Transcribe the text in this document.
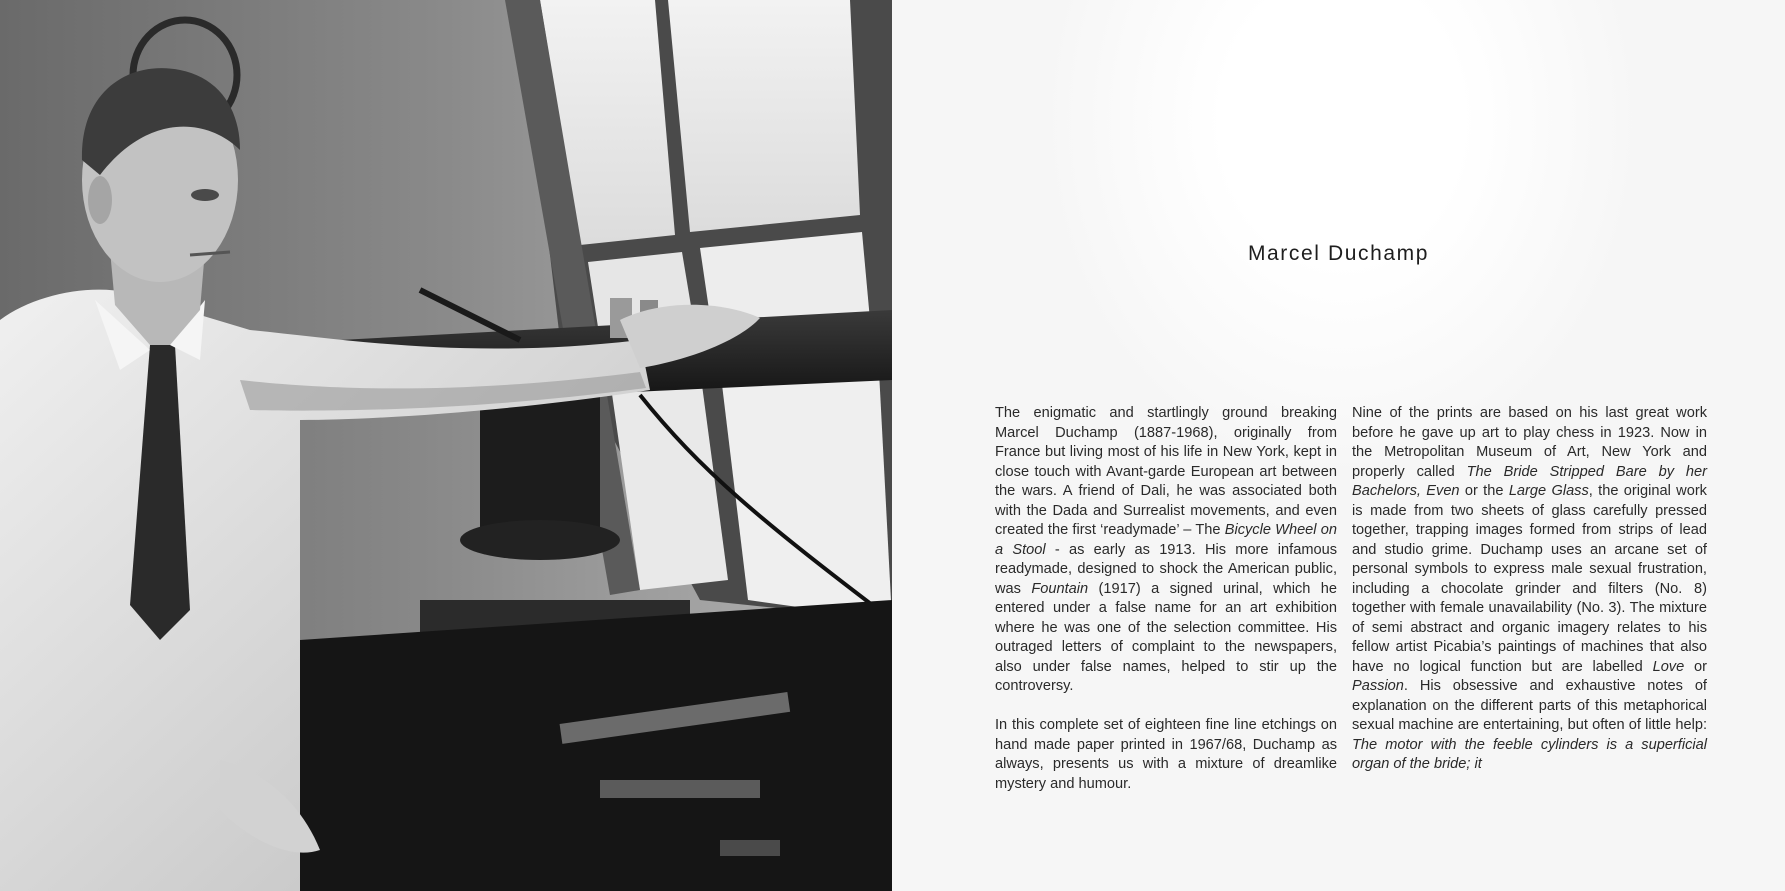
Marcel Duchamp

The enigmatic and startlingly ground breaking Marcel Duchamp (1887-1968), originally from France but living most of his life in New York, kept in close touch with Avant-garde European art between the wars. A friend of Dali, he was associated both with the Dada and Surrealist movements, and even created the first ‘readymade’ – The Bicycle Wheel on a Stool - as early as 1913. His more infamous readymade, designed to shock the American public, was Fountain (1917) a signed urinal, which he entered under a false name for an art exhibition where he was one of the selection committee. His outraged letters of complaint to the newspapers, also under false names, helped to stir up the controversy.

In this complete set of eighteen fine line etchings on hand made paper printed in 1967/68, Duchamp as always, presents us with a mixture of dreamlike mystery and humour.

Nine of the prints are based on his last great work before he gave up art to play chess in 1923. Now in the Metropolitan Museum of Art, New York and properly called The Bride Stripped Bare by her Bachelors, Even or the Large Glass, the original work is made from two sheets of glass carefully pressed together, trapping images formed from strips of lead and studio grime. Duchamp uses an arcane set of personal symbols to express male sexual frustration, including a chocolate grinder and filters (No. 8) together with female unavailability (No. 3). The mixture of semi abstract and organic imagery relates to his fellow artist Picabia’s paintings of machines that also have no logical function but are labelled Love or Passion. His obsessive and exhaustive notes of explanation on the different parts of this metaphorical sexual machine are entertaining, but often of little help: The motor with the feeble cylinders is a superficial organ of the bride; it
